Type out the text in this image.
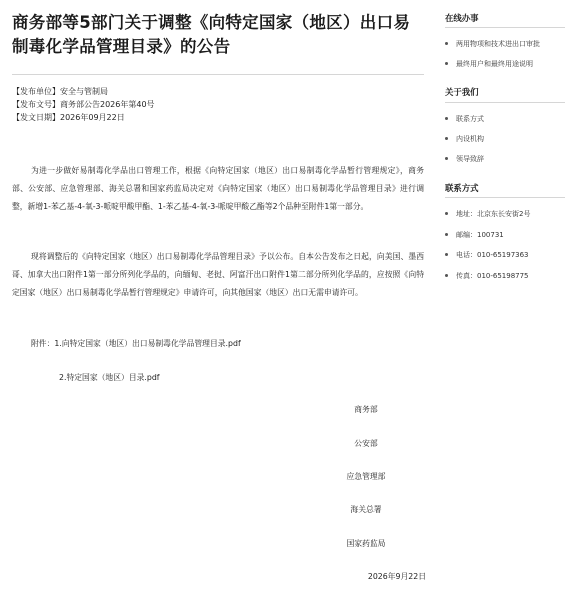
商务部等5部门关于调整《向特定国家（地区）出口易制毒化学品管理目录》的公告
【发布单位】安全与管制局
【发布文号】商务部公告2026年第40号
【发文日期】2026年09月22日

为进一步做好易制毒化学品出口管理工作，根据《向特定国家（地区）出口易制毒化学品暂行管理规定》，商务部、公安部、应急管理部、海关总署和国家药监局决定对《向特定国家（地区）出口易制毒化学品管理目录》进行调整，新增1-苯乙基-4-氧-3-哌啶甲酸甲酯、1-苯乙基-4-氧-3-哌啶甲酸乙酯等2个品种至附件1第一部分。

现将调整后的《向特定国家（地区）出口易制毒化学品管理目录》予以公布。自本公告发布之日起，向美国、墨西哥、加拿大出口附件1第一部分所列化学品的，向缅甸、老挝、阿富汗出口附件1第二部分所列化学品的，应按照《向特定国家（地区）出口易制毒化学品暂行管理规定》申请许可，向其他国家（地区）出口无需申请许可。

附件：1.向特定国家（地区）出口易制毒化学品管理目录.pdf
2.特定国家（地区）目录.pdf
商务部
公安部
应急管理部
海关总署
国家药监局
2026年9月22日
在线办事
两用物项和技术进出口审批
最终用户和最终用途说明
关于我们
联系方式
内设机构
领导致辞
联系方式
地址：北京东长安街2号
邮编：100731
电话：010-65197363
传真：010-65198775
